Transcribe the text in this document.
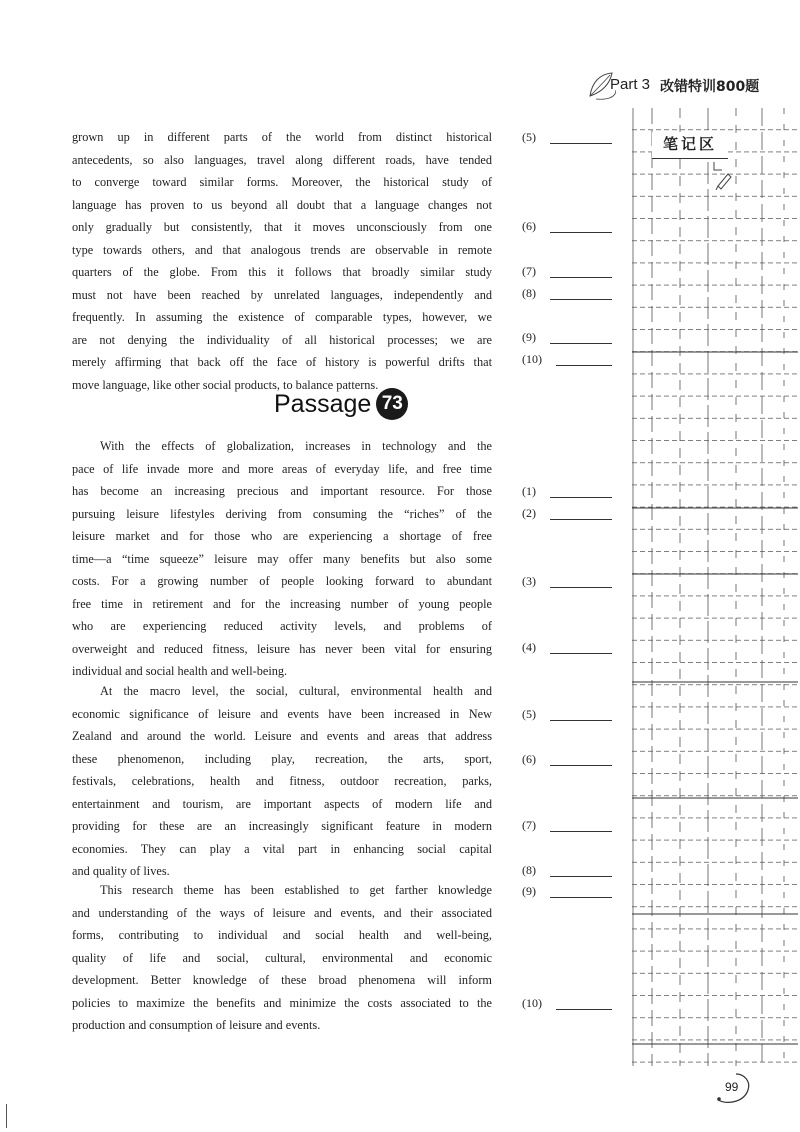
Part 3 改错特训800题
grown up in different parts of the world from distinct historical
antecedents, so also languages, travel along different roads, have tended
to converge toward similar forms. Moreover, the historical study of
language has proven to us beyond all doubt that a language changes not
only gradually but consistently, that it moves unconsciously from one
type towards others, and that analogous trends are observable in remote
quarters of the globe. From this it follows that broadly similar study
must not have been reached by unrelated languages, independently and
frequently. In assuming the existence of comparable types, however, we
are not denying the individuality of all historical processes; we are
merely affirming that back off the face of history is powerful drifts that
move language, like other social products, to balance patterns.
Passage 73
With the effects of globalization, increases in technology and the
pace of life invade more and more areas of everyday life, and free time
has become an increasing precious and important resource. For those
pursuing leisure lifestyles deriving from consuming the “riches” of the
leisure market and for those who are experiencing a shortage of free
time—a “time squeeze” leisure may offer many benefits but also some
costs. For a growing number of people looking forward to abundant
free time in retirement and for the increasing number of young people
who are experiencing reduced activity levels, and problems of
overweight and reduced fitness, leisure has never been vital for ensuring
individual and social health and well-being.
At the macro level, the social, cultural, environmental health and
economic significance of leisure and events have been increased in New
Zealand and around the world. Leisure and events and areas that address
these phenomenon, including play, recreation, the arts, sport,
festivals, celebrations, health and fitness, outdoor recreation, parks,
entertainment and tourism, are important aspects of modern life and
providing for these are an increasingly significant feature in modern
economies. They can play a vital part in enhancing social capital
and quality of lives.
This research theme has been established to get farther knowledge
and understanding of the ways of leisure and events, and their associated
forms, contributing to individual and social health and well-being,
quality of life and social, cultural, environmental and economic
development. Better knowledge of these broad phenomena will inform
policies to maximize the benefits and minimize the costs associated to the
production and consumption of leisure and events.
(5)
(6)
(7)
(8)
(9)
(10)
(1)
(2)
(3)
(4)
(5)
(6)
(7)
(8)
(9)
(10)
笔记区
99
